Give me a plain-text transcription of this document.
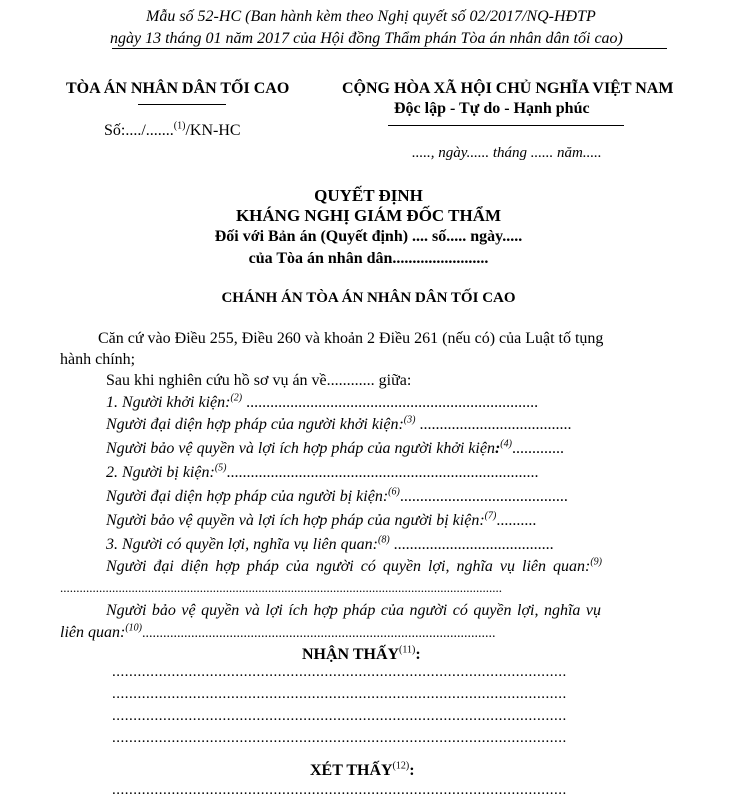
Mẫu số 52-HC (Ban hành kèm theo Nghị quyết số 02/2017/NQ-HĐTP
ngày 13 tháng 01 năm 2017 của Hội đồng Thẩm phán Tòa án nhân dân tối cao)
TÒA ÁN NHÂN DÂN TỐI CAO
Số:..../.......$^{(1)}$/KN-HC
CỘNG HÒA XÃ HỘI CHỦ NGHĨA VIỆT NAM
Độc lập - Tự do - Hạnh phúc
....., ngày...... tháng ...... năm.....
QUYẾT ĐỊNH
KHÁNG NGHỊ GIÁM ĐỐC THẨM
Đối với Bản án (Quyết định) .... số..... ngày.....
của Tòa án nhân dân........................
CHÁNH ÁN TÒA ÁN NHÂN DÂN TỐI CAO
Căn cứ vào Điều 255, Điều 260 và khoản 2 Điều 261 (nếu có) của Luật tố tụng
hành chính;
Sau khi nghiên cứu hồ sơ vụ án về............ giữa:
1. Người khởi kiện:$^{(2)}$ .........................................................................
Người đại diện hợp pháp của người khởi kiện:$^{(3)}$ ......................................
Người bảo vệ quyền và lợi ích hợp pháp của người khởi kiện:$^{(4)}$.............
2. Người bị kiện:$^{(5)}$..............................................................................
Người đại diện hợp pháp của người bị kiện:$^{(6)}$..........................................
Người bảo vệ quyền và lợi ích hợp pháp của người bị kiện:$^{(7)}$..........
3. Người có quyền lợi, nghĩa vụ liên quan:$^{(8)}$ ........................................
Người đại diện hợp pháp của người có quyền lợi, nghĩa vụ liên quan:$^{(9)}$
........................................................................................................................................
Người bảo vệ quyền và lợi ích hợp pháp của người có quyền lợi, nghĩa vụ
liên quan:$^{(10)}$.....................................................................................................
NHẬN THẤY$^{(11)}$:
...........................................................................................................
...........................................................................................................
...........................................................................................................
...........................................................................................................
XÉT THẤY$^{(12)}$:
...........................................................................................................
